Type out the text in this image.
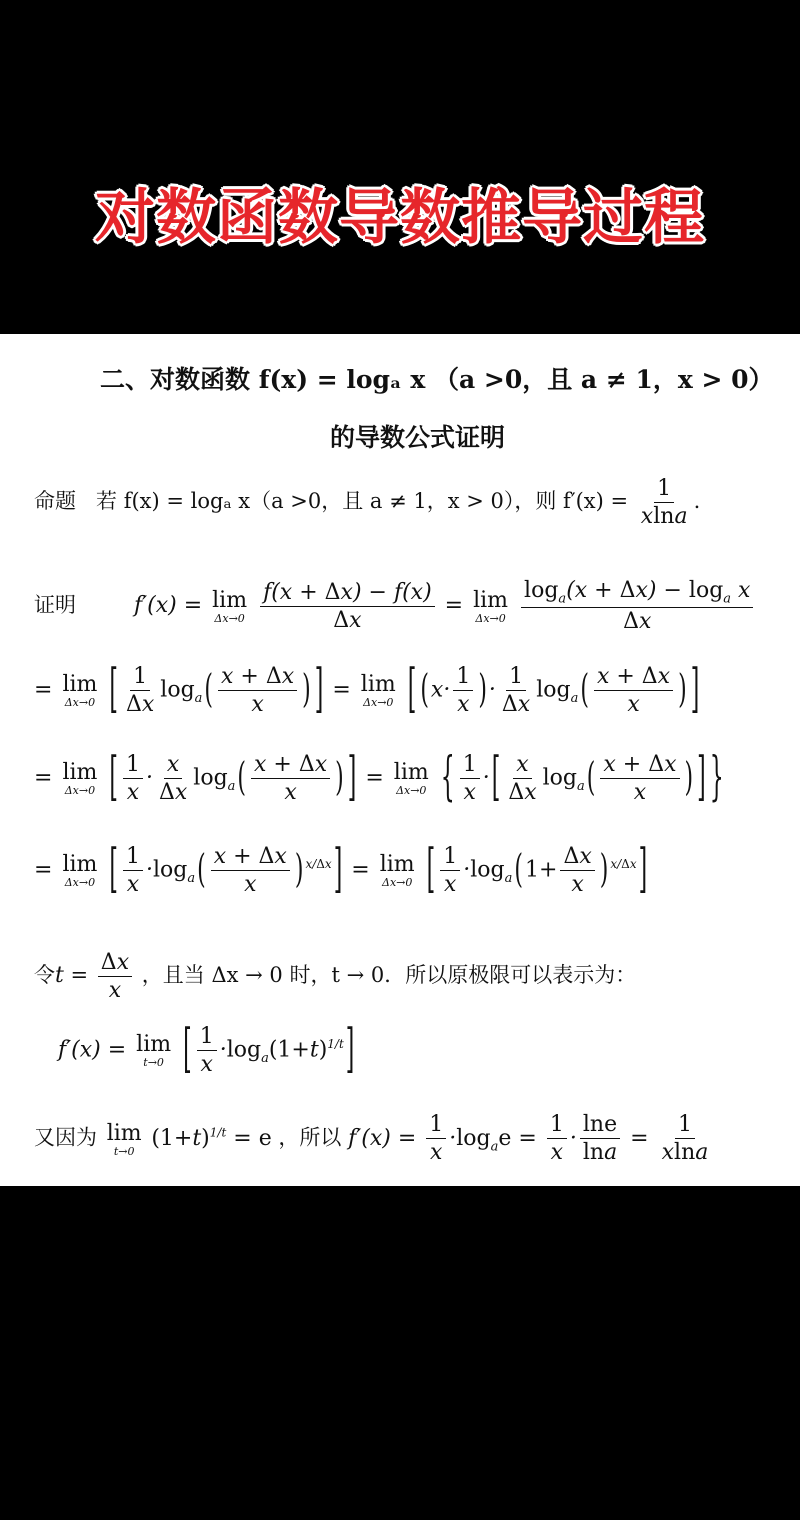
对数函数导数推导过程
二、对数函数 f(x) = logₐ x （a >0，且 a ≠ 1，x > 0）
的导数公式证明
命题 若 f(x) = logₐ x（a >0，且 a ≠ 1，x > 0），则 $f'(x) = \frac{1}{xlna}$ .
证明  f′(x) = lim
Δx→0
$\frac{f(x + \Delta x) - f(x)}{\Delta x} = \lim$
Δx→0
$\frac{\log_a(x + \Delta x) - \log_a x}{\Delta x}$
= lim
Δx→0 [ $\frac{1}{\Delta x} \log_a( \frac{x + \Delta x}{x}$ ) ] = lim
Δx→0 [ ($x\cdot \frac{1}{x}$ )· $\frac{1}{\Delta x} \log_a( \frac{x + \Delta x}{x}$ ) ]
= lim
Δx→0 [ $\frac{1}{x} \cdot \frac{x}{\Delta x} \log_a( \frac{x + \Delta x}{x}$ ) ] = lim
Δx→0 { $\frac{1}{x}$ ·[ $\frac{x}{\Delta x} \log_a( \frac{x + \Delta x}{x}$ ) ] }
= lim
Δx→0 [ $\frac{1}{x} \cdot\log_a( \frac{x + \Delta x}{x}$ ) $^{x/\Delta x}$] = lim
Δx→0 [ $\frac{1}{x} \cdot\log_a(1+ \frac{\Delta x}{x}$ ) $^{x/\Delta x}$]
令$t = \frac{\Delta x}{x}$ ，且当 Δx → 0 时，t → 0．所以原极限可以表示为：
f′(x) = lim
t→0 [ $\frac{1}{x} \cdot\log_a(1+t)^{1/t}$]
又因为 lim
t→0
$(1+t)^{1/t} = e$ ，所以 $f'(x) = \frac{1}{x} \cdot\log_ae = \frac{1}{x} \cdot \frac{\ln e}{\ln a} = \frac{1}{xlna}$
